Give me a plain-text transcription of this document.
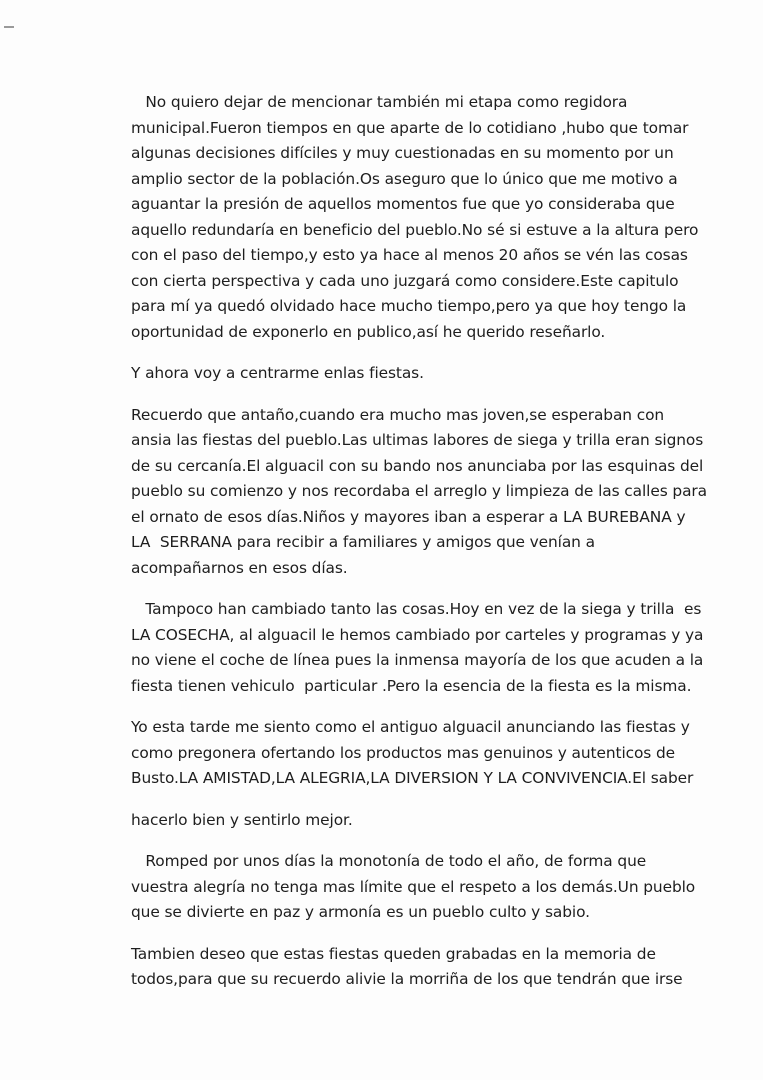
No quiero dejar de mencionar también mi etapa como regidora
municipal.Fueron tiempos en que aparte de lo cotidiano ,hubo que tomar
algunas decisiones difíciles y muy cuestionadas en su momento por un
amplio sector de la población.Os aseguro que lo único que me motivo a
aguantar la presión de aquellos momentos fue que yo consideraba que
aquello redundaría en beneficio del pueblo.No sé si estuve a la altura pero
con el paso del tiempo,y esto ya hace al menos 20 años se vén las cosas
con cierta perspectiva y cada uno juzgará como considere.Este capitulo
para mí ya quedó olvidado hace mucho tiempo,pero ya que hoy tengo la
oportunidad de exponerlo en publico,así he querido reseñarlo.
Y ahora voy a centrarme enlas fiestas.
Recuerdo que antaño,cuando era mucho mas joven,se esperaban con
ansia las fiestas del pueblo.Las ultimas labores de siega y trilla eran signos
de su cercanía.El alguacil con su bando nos anunciaba por las esquinas del
pueblo su comienzo y nos recordaba el arreglo y limpieza de las calles para
el ornato de esos días.Niños y mayores iban a esperar a LA BUREBANA y
LA  SERRANA para recibir a familiares y amigos que venían a
acompañarnos en esos días.
Tampoco han cambiado tanto las cosas.Hoy en vez de la siega y trilla  es
LA COSECHA, al alguacil le hemos cambiado por carteles y programas y ya
no viene el coche de línea pues la inmensa mayoría de los que acuden a la
fiesta tienen vehiculo  particular .Pero la esencia de la fiesta es la misma.
Yo esta tarde me siento como el antiguo alguacil anunciando las fiestas y
como pregonera ofertando los productos mas genuinos y autenticos de
Busto.LA AMISTAD,LA ALEGRIA,LA DIVERSION Y LA CONVIVENCIA.El saber
hacerlo bien y sentirlo mejor.
Romped por unos días la monotonía de todo el año, de forma que
vuestra alegría no tenga mas límite que el respeto a los demás.Un pueblo
que se divierte en paz y armonía es un pueblo culto y sabio.
Tambien deseo que estas fiestas queden grabadas en la memoria de
todos,para que su recuerdo alivie la morriña de los que tendrán que irse
